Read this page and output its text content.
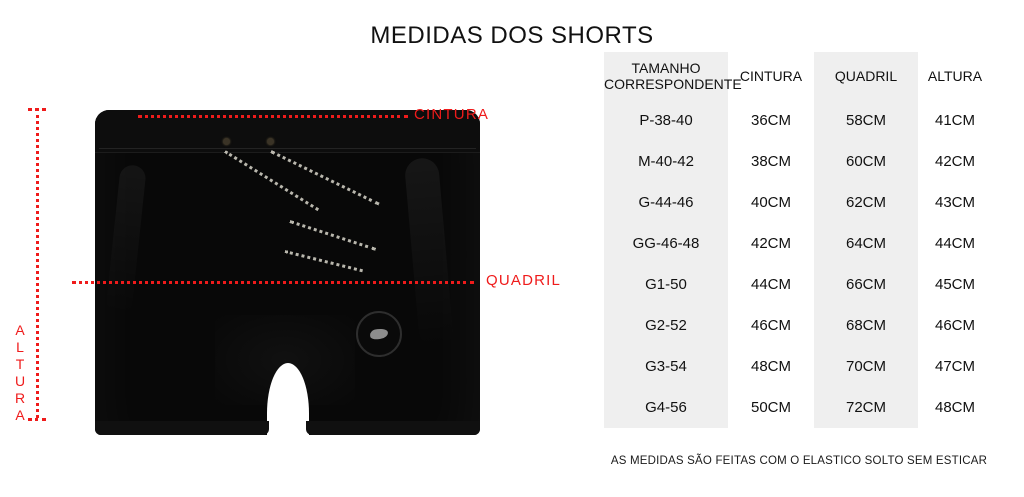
MEDIDAS DOS SHORTS
CINTURA
QUADRIL
A
L
T
U
R
A
TAMANHO
CORRESPONDENTE	CINTURA	QUADRIL	ALTURA
P-38-40	36CM	58CM	41CM
M-40-42	38CM	60CM	42CM
G-44-46	40CM	62CM	43CM
GG-46-48	42CM	64CM	44CM
G1-50	44CM	66CM	45CM
G2-52	46CM	68CM	46CM
G3-54	48CM	70CM	47CM
G4-56	50CM	72CM	48CM
AS MEDIDAS SÃO FEITAS COM O ELASTICO SOLTO SEM ESTICAR
